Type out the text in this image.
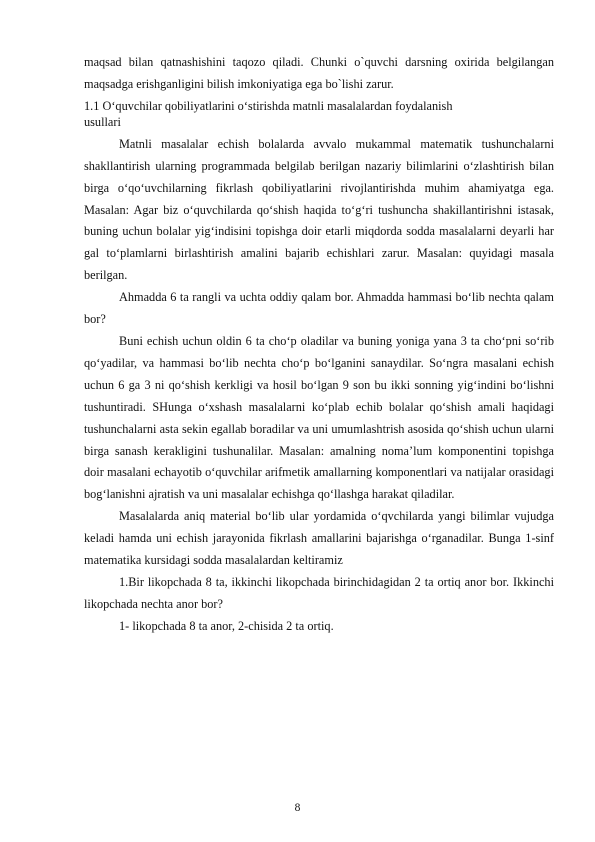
maqsad bilan qatnashishini taqozo qiladi. Chunki o`quvchi darsning oxirida belgilangan maqsadga erishganligini bilish imkoniyatiga ega bo`lishi zarur.

1.1 O‘quvchilar qobiliyatlarini o‘stirishda matnli masalalardan foydalanish usullari

Matnli masalalar echish bolalarda avvalo mukammal matematik tushunchalarni shakllantirish ularning programmada belgilab berilgan nazariy bilimlarini o‘zlashtirish bilan birga o‘qo‘uvchilarning fikrlash qobiliyatlarini rivojlantirishda muhim ahamiyatga ega. Masalan: Agar biz o‘quvchilarda qo‘shish haqida to‘g‘ri tushuncha shakillantirishni istasak, buning uchun bolalar yig‘indisini topishga doir etarli miqdorda sodda masalalarni deyarli har gal to‘plamlarni birlashtirish amalini bajarib echishlari zarur. Masalan: quyidagi masala berilgan.

Ahmadda 6 ta rangli va uchta oddiy qalam bor. Ahmadda hammasi bo‘lib nechta qalam bor?

Buni echish uchun oldin 6 ta cho‘p oladilar va buning yoniga yana 3 ta cho‘pni so‘rib qo‘yadilar, va hammasi bo‘lib nechta cho‘p bo‘lganini sanaydilar. So‘ngra masalani echish uchun 6 ga 3 ni qo‘shish kerkligi va hosil bo‘lgan 9 son bu ikki sonning yig‘indini bo‘lishni tushuntiradi. SHunga o‘xshash masalalarni ko‘plab echib bolalar qo‘shish amali haqidagi tushunchalarni asta sekin egallab boradilar va uni umumlashtrish asosida qo‘shish uchun ularni birga sanash kerakligini tushunalilar. Masalan: amalning noma’lum komponentini topishga doir masalani echayotib o‘quvchilar arifmetik amallarning komponentlari va natijalar orasidagi bog‘lanishni ajratish va uni masalalar echishga qo‘llashga harakat qiladilar.

Masalalarda aniq material bo‘lib ular yordamida o‘qvchilarda yangi bilimlar vujudga keladi hamda uni echish jarayonida fikrlash amallarini bajarishga o‘rganadilar. Bunga 1-sinf matematika kursidagi sodda masalalardan keltiramiz

1.Bir likopchada 8 ta, ikkinchi likopchada birinchidagidan 2 ta ortiq anor bor. Ikkinchi likopchada nechta anor bor?

1- likopchada 8 ta anor, 2-chisida 2 ta ortiq.

8
